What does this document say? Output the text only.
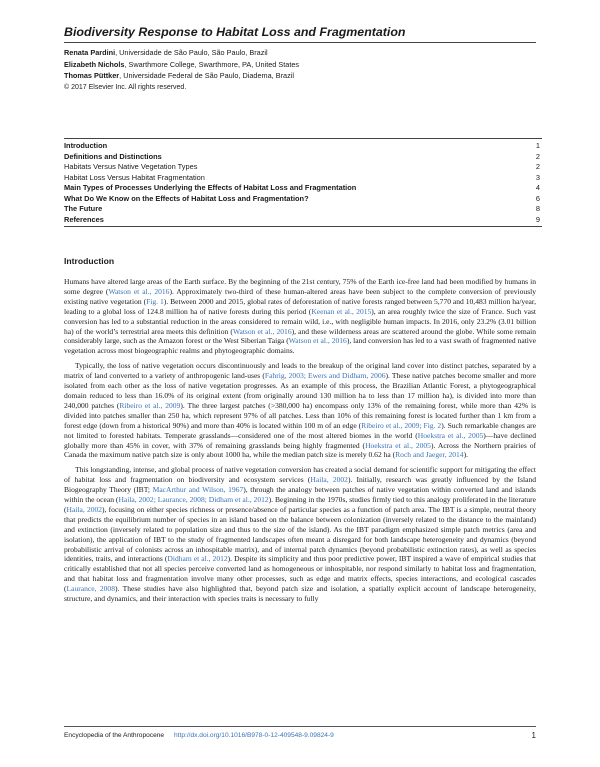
Biodiversity Response to Habitat Loss and Fragmentation
Renata Pardini, Universidade de São Paulo, São Paulo, Brazil
Elizabeth Nichols, Swarthmore College, Swarthmore, PA, United States
Thomas Püttker, Universidade Federal de São Paulo, Diadema, Brazil
© 2017 Elsevier Inc. All rights reserved.
Introduction	1
Definitions and Distinctions	2
Habitats Versus Native Vegetation Types	2
Habitat Loss Versus Habitat Fragmentation	3
Main Types of Processes Underlying the Effects of Habitat Loss and Fragmentation	4
What Do We Know on the Effects of Habitat Loss and Fragmentation?	6
The Future	8
References	9
Introduction

Humans have altered large areas of the Earth surface. By the beginning of the 21st century, 75% of the Earth ice-free land had been modified by humans in some degree (Watson et al., 2016). Approximately two-third of these human-altered areas have been subject to the complete conversion of previously existing native vegetation (Fig. 1). Between 2000 and 2015, global rates of deforestation of native forests ranged between 5,770 and 10,483 million ha/year, leading to a global loss of 124.8 million ha of native forests during this period (Keenan et al., 2015), an area roughly twice the size of France. Such vast conversion has led to a substantial reduction in the areas considered to remain wild, i.e., with negligible human impacts. In 2016, only 23.2% (3.01 billion ha) of the world’s terrestrial area meets this definition (Watson et al., 2016), and these wilderness areas are scattered around the globe. While some remain considerably large, such as the Amazon forest or the West Siberian Taiga (Watson et al., 2016), land conversion has led to a vast swath of fragmented native vegetation across most biogeographic realms and phytogeographic domains.

Typically, the loss of native vegetation occurs discontinuously and leads to the breakup of the original land cover into distinct patches, separated by a matrix of land converted to a variety of anthropogenic land-uses (Fahrig, 2003; Ewers and Didham, 2006). These native patches become smaller and more isolated from each other as the loss of native vegetation progresses. As an example of this process, the Brazilian Atlantic Forest, a phytogeographical domain reduced to less than 16.0% of its original extent (from originally around 130 million ha to less than 17 million ha), is divided into more than 240,000 patches (Ribeiro et al., 2009). The three largest patches (>380,000 ha) encompass only 13% of the remaining forest, while more than 42% is divided into patches smaller than 250 ha, which represent 97% of all patches. Less than 10% of this remaining forest is located further than 1 km from a forest edge (down from a historical 90%) and more than 40% is located within 100 m of an edge (Ribeiro et al., 2009; Fig. 2). Such remarkable changes are not limited to forested habitats. Temperate grasslands—considered one of the most altered biomes in the world (Hoekstra et al., 2005)—have declined globally more than 45% in cover, with 37% of remaining grasslands being highly fragmented (Hoekstra et al., 2005). Across the Northern prairies of Canada the maximum native patch size is only about 1000 ha, while the median patch size is merely 0.62 ha (Roch and Jaeger, 2014).

This longstanding, intense, and global process of native vegetation conversion has created a social demand for scientific support for mitigating the effect of habitat loss and fragmentation on biodiversity and ecosystem services (Haila, 2002). Initially, research was greatly influenced by the Island Biogeography Theory (IBT; MacArthur and Wilson, 1967), through the analogy between patches of native vegetation within converted land and islands within the ocean (Haila, 2002; Laurance, 2008; Didham et al., 2012). Beginning in the 1970s, studies firmly tied to this analogy proliferated in the literature (Haila, 2002), focusing on either species richness or presence/absence of particular species as a function of patch area. The IBT is a simple, neutral theory that predicts the equilibrium number of species in an island based on the balance between colonization (inversely related to the distance to the mainland) and extinction (inversely related to population size and thus to the size of the island). As the IBT paradigm emphasized simple patch metrics (area and isolation), the application of IBT to the study of fragmented landscapes often meant a disregard for both landscape heterogeneity and dynamics (beyond probabilistic arrival of colonists across an inhospitable matrix), and of internal patch dynamics (beyond probabilistic extinction rates), as well as species identities, traits, and interactions (Didham et al., 2012). Despite its simplicity and thus poor predictive power, IBT inspired a wave of empirical studies that critically established that not all species perceive converted land as homogeneous or inhospitable, nor respond similarly to habitat loss and fragmentation, and that habitat loss and fragmentation involve many other processes, such as edge and matrix effects, species interactions, and ecological cascades (Laurance, 2008). These studies have also highlighted that, beyond patch size and isolation, a spatially explicit account of landscape heterogeneity, structure, and dynamics, and their interaction with species traits is necessary to fully

Encyclopedia of the Anthropocene http://dx.doi.org/10.1016/B978-0-12-409548-9.09824-9	1
